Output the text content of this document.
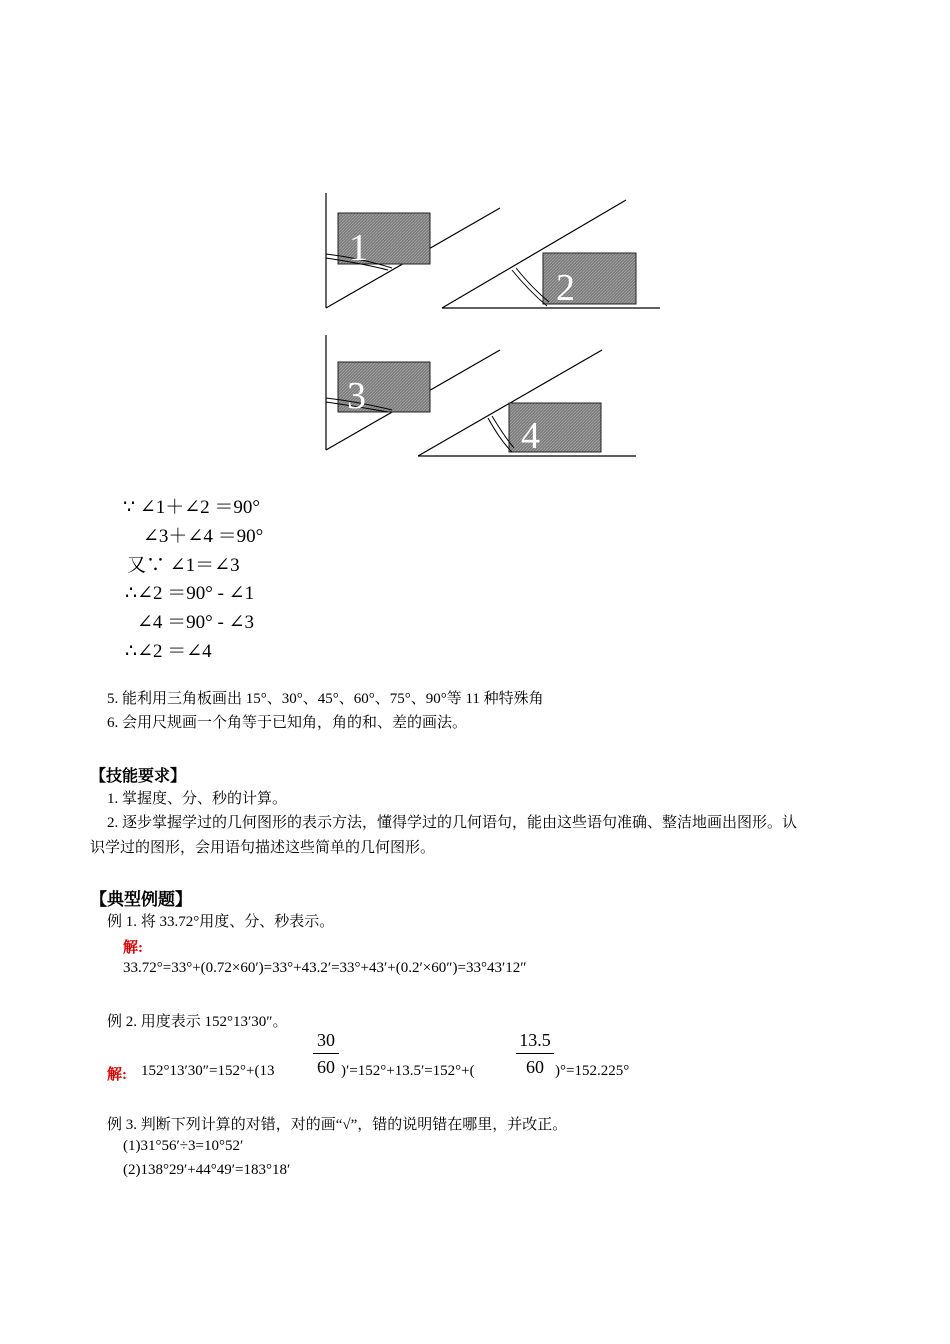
1
2
3
4
∵ ∠1＋∠2 ＝90°
∠3＋∠4 ＝90°
又∵ ∠1＝∠3
∴∠2 ＝90° - ∠1
∠4 ＝90° - ∠3
∴∠2 ＝∠4
5. 能利用三角板画出 15°、30°、45°、60°、75°、90°等 11 种特殊角
6. 会用尺规画一个角等于已知角，角的和、差的画法。
【技能要求】
1. 掌握度、分、秒的计算。
2. 逐步掌握学过的几何图形的表示方法，懂得学过的几何语句，能由这些语句准确、整洁地画出图形。认
识学过的图形，会用语句描述这些简单的几何图形。
【典型例题】
例 1. 将 33.72°用度、分、秒表示。
解:
33.72°=33°+(0.72×60′)=33°+43.2′=33°+43′+(0.2′×60″)=33°43′12″
例 2. 用度表示 152°13′30″。
解: 152°13′30″=152°+(13
30
60 )′=152°+13.5′=152°+(
13.5
60 )°=152.225°
例 3. 判断下列计算的对错，对的画“√”，错的说明错在哪里，并改正。
(1)31°56′÷3=10°52′
(2)138°29′+44°49′=183°18′
